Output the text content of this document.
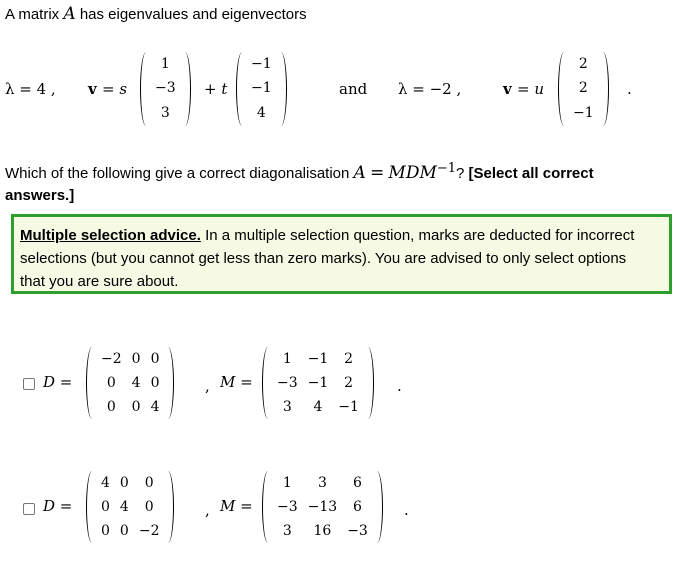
A matrix A has eigenvalues and eigenvectors
λ = 4 , v = s
1
−3
3
+ t
−1
−1
4
and λ = −2 ,	v = u
2
2
−1
.
Which of the following give a correct diagonalisation $A = MDM^{-1}$? [Select all correct
answers.]
Multiple selection advice. In a multiple selection question, marks are deducted for incorrect
selections (but you cannot get less than zero marks). You are advised to only select options
that you are sure about.
D =
−2	0	0
0	4	0
0	0	4
, M =
1	−1	2
−3	−1	2
3	4	−1
.
D =
4	0	0
0	4	0
0	0	−2
, M =
1	3	6
−3	−13	6
3	16	−3
.
